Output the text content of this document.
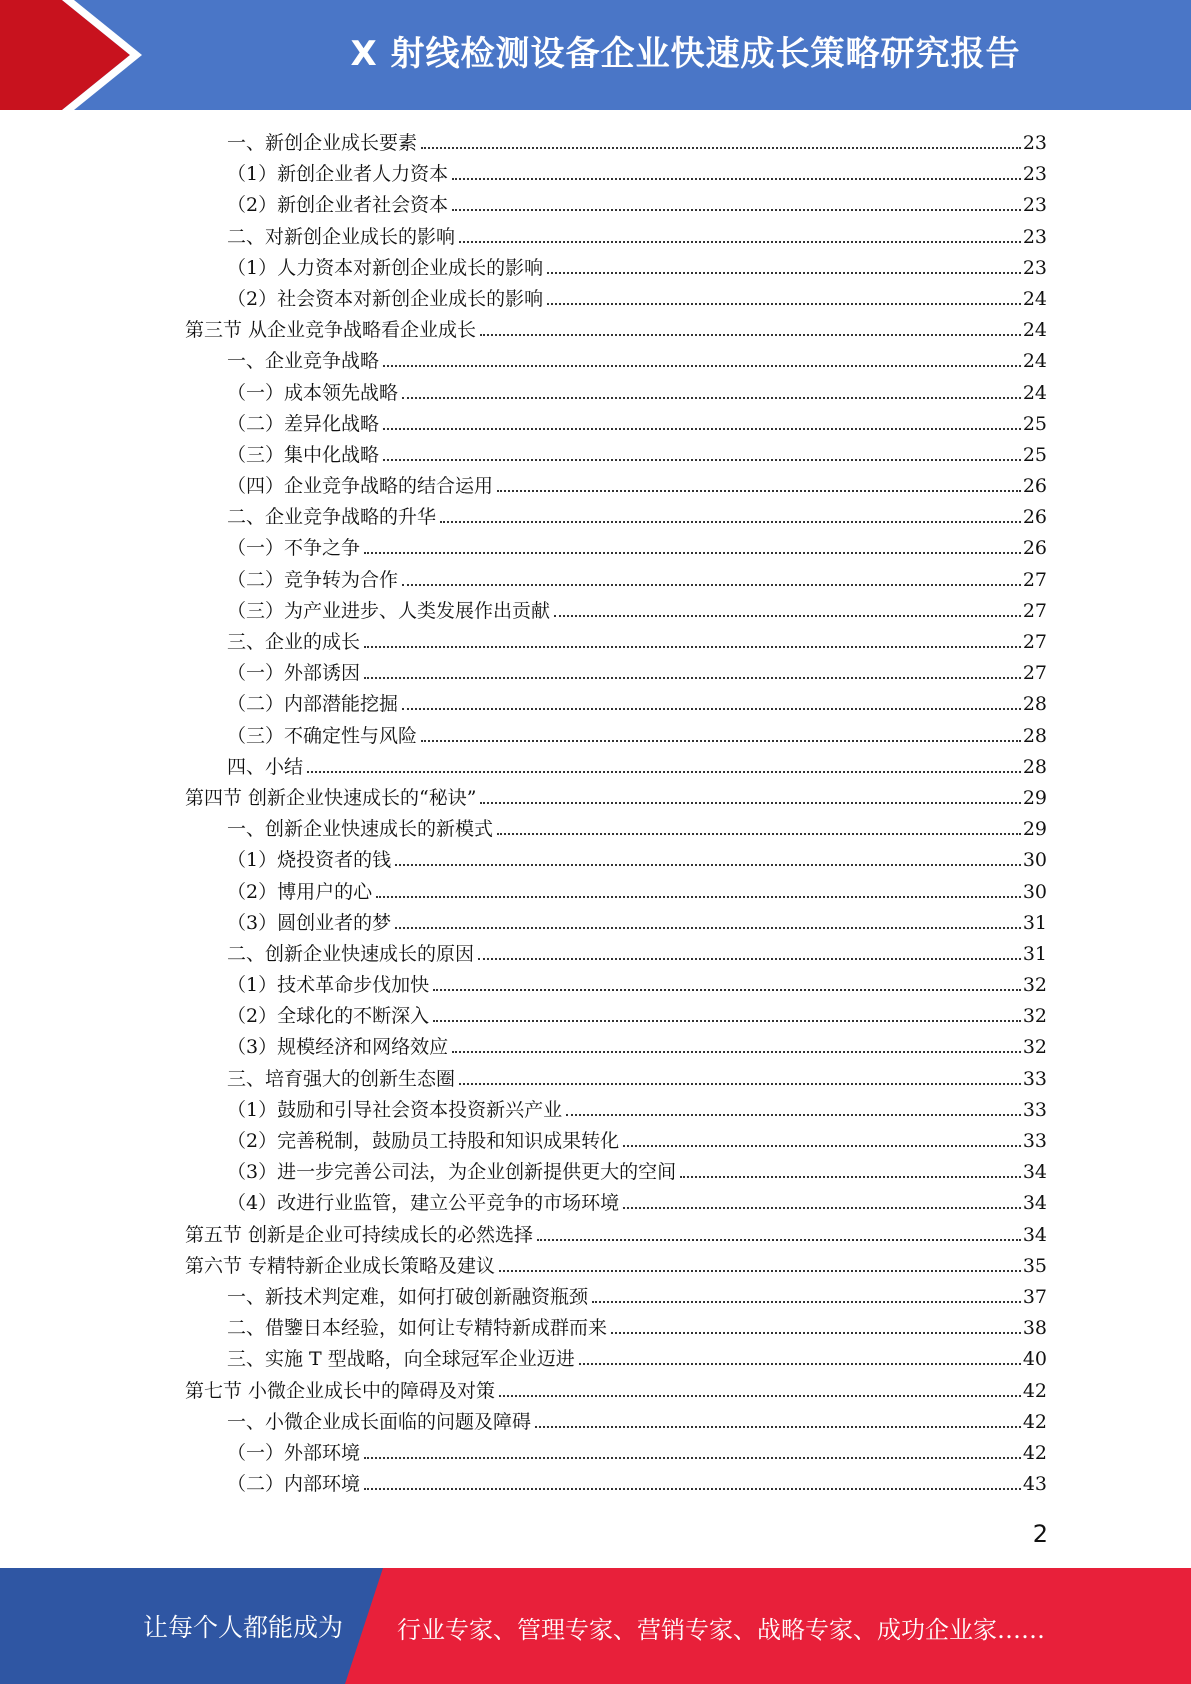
X 射线检测设备企业快速成长策略研究报告
一、新创企业成长要素	23
（1）新创企业者人力资本	23
（2）新创企业者社会资本	23
二、对新创企业成长的影响	23
（1）人力资本对新创企业成长的影响	23
（2）社会资本对新创企业成长的影响	24
第三节 从企业竞争战略看企业成长	24
一、企业竞争战略	24
（一）成本领先战略	24
（二）差异化战略	25
（三）集中化战略	25
（四）企业竞争战略的结合运用	26
二、企业竞争战略的升华	26
（一）不争之争	26
（二）竞争转为合作	27
（三）为产业进步、人类发展作出贡献	27
三、企业的成长	27
（一）外部诱因	27
（二）内部潜能挖掘	28
（三）不确定性与风险	28
四、小结	28
第四节 创新企业快速成长的“秘诀”	29
一、创新企业快速成长的新模式	29
（1）烧投资者的钱	30
（2）博用户的心	30
（3）圆创业者的梦	31
二、创新企业快速成长的原因	31
（1）技术革命步伐加快	32
（2）全球化的不断深入	32
（3）规模经济和网络效应	32
三、培育强大的创新生态圈	33
（1）鼓励和引导社会资本投资新兴产业	33
（2）完善税制，鼓励员工持股和知识成果转化	33
（3）进一步完善公司法，为企业创新提供更大的空间	34
（4）改进行业监管，建立公平竞争的市场环境	34
第五节 创新是企业可持续成长的必然选择	34
第六节 专精特新企业成长策略及建议	35
一、新技术判定难，如何打破创新融资瓶颈	37
二、借鑒日本经验，如何让专精特新成群而来	38
三、实施 T 型战略，向全球冠军企业迈进	40
第七节 小微企业成长中的障碍及对策	42
一、小微企业成长面临的问题及障碍	42
（一）外部环境	42
（二）内部环境	43
2
让每个人都能成为 行业专家、管理专家、营销专家、战略专家、成功企业家……
